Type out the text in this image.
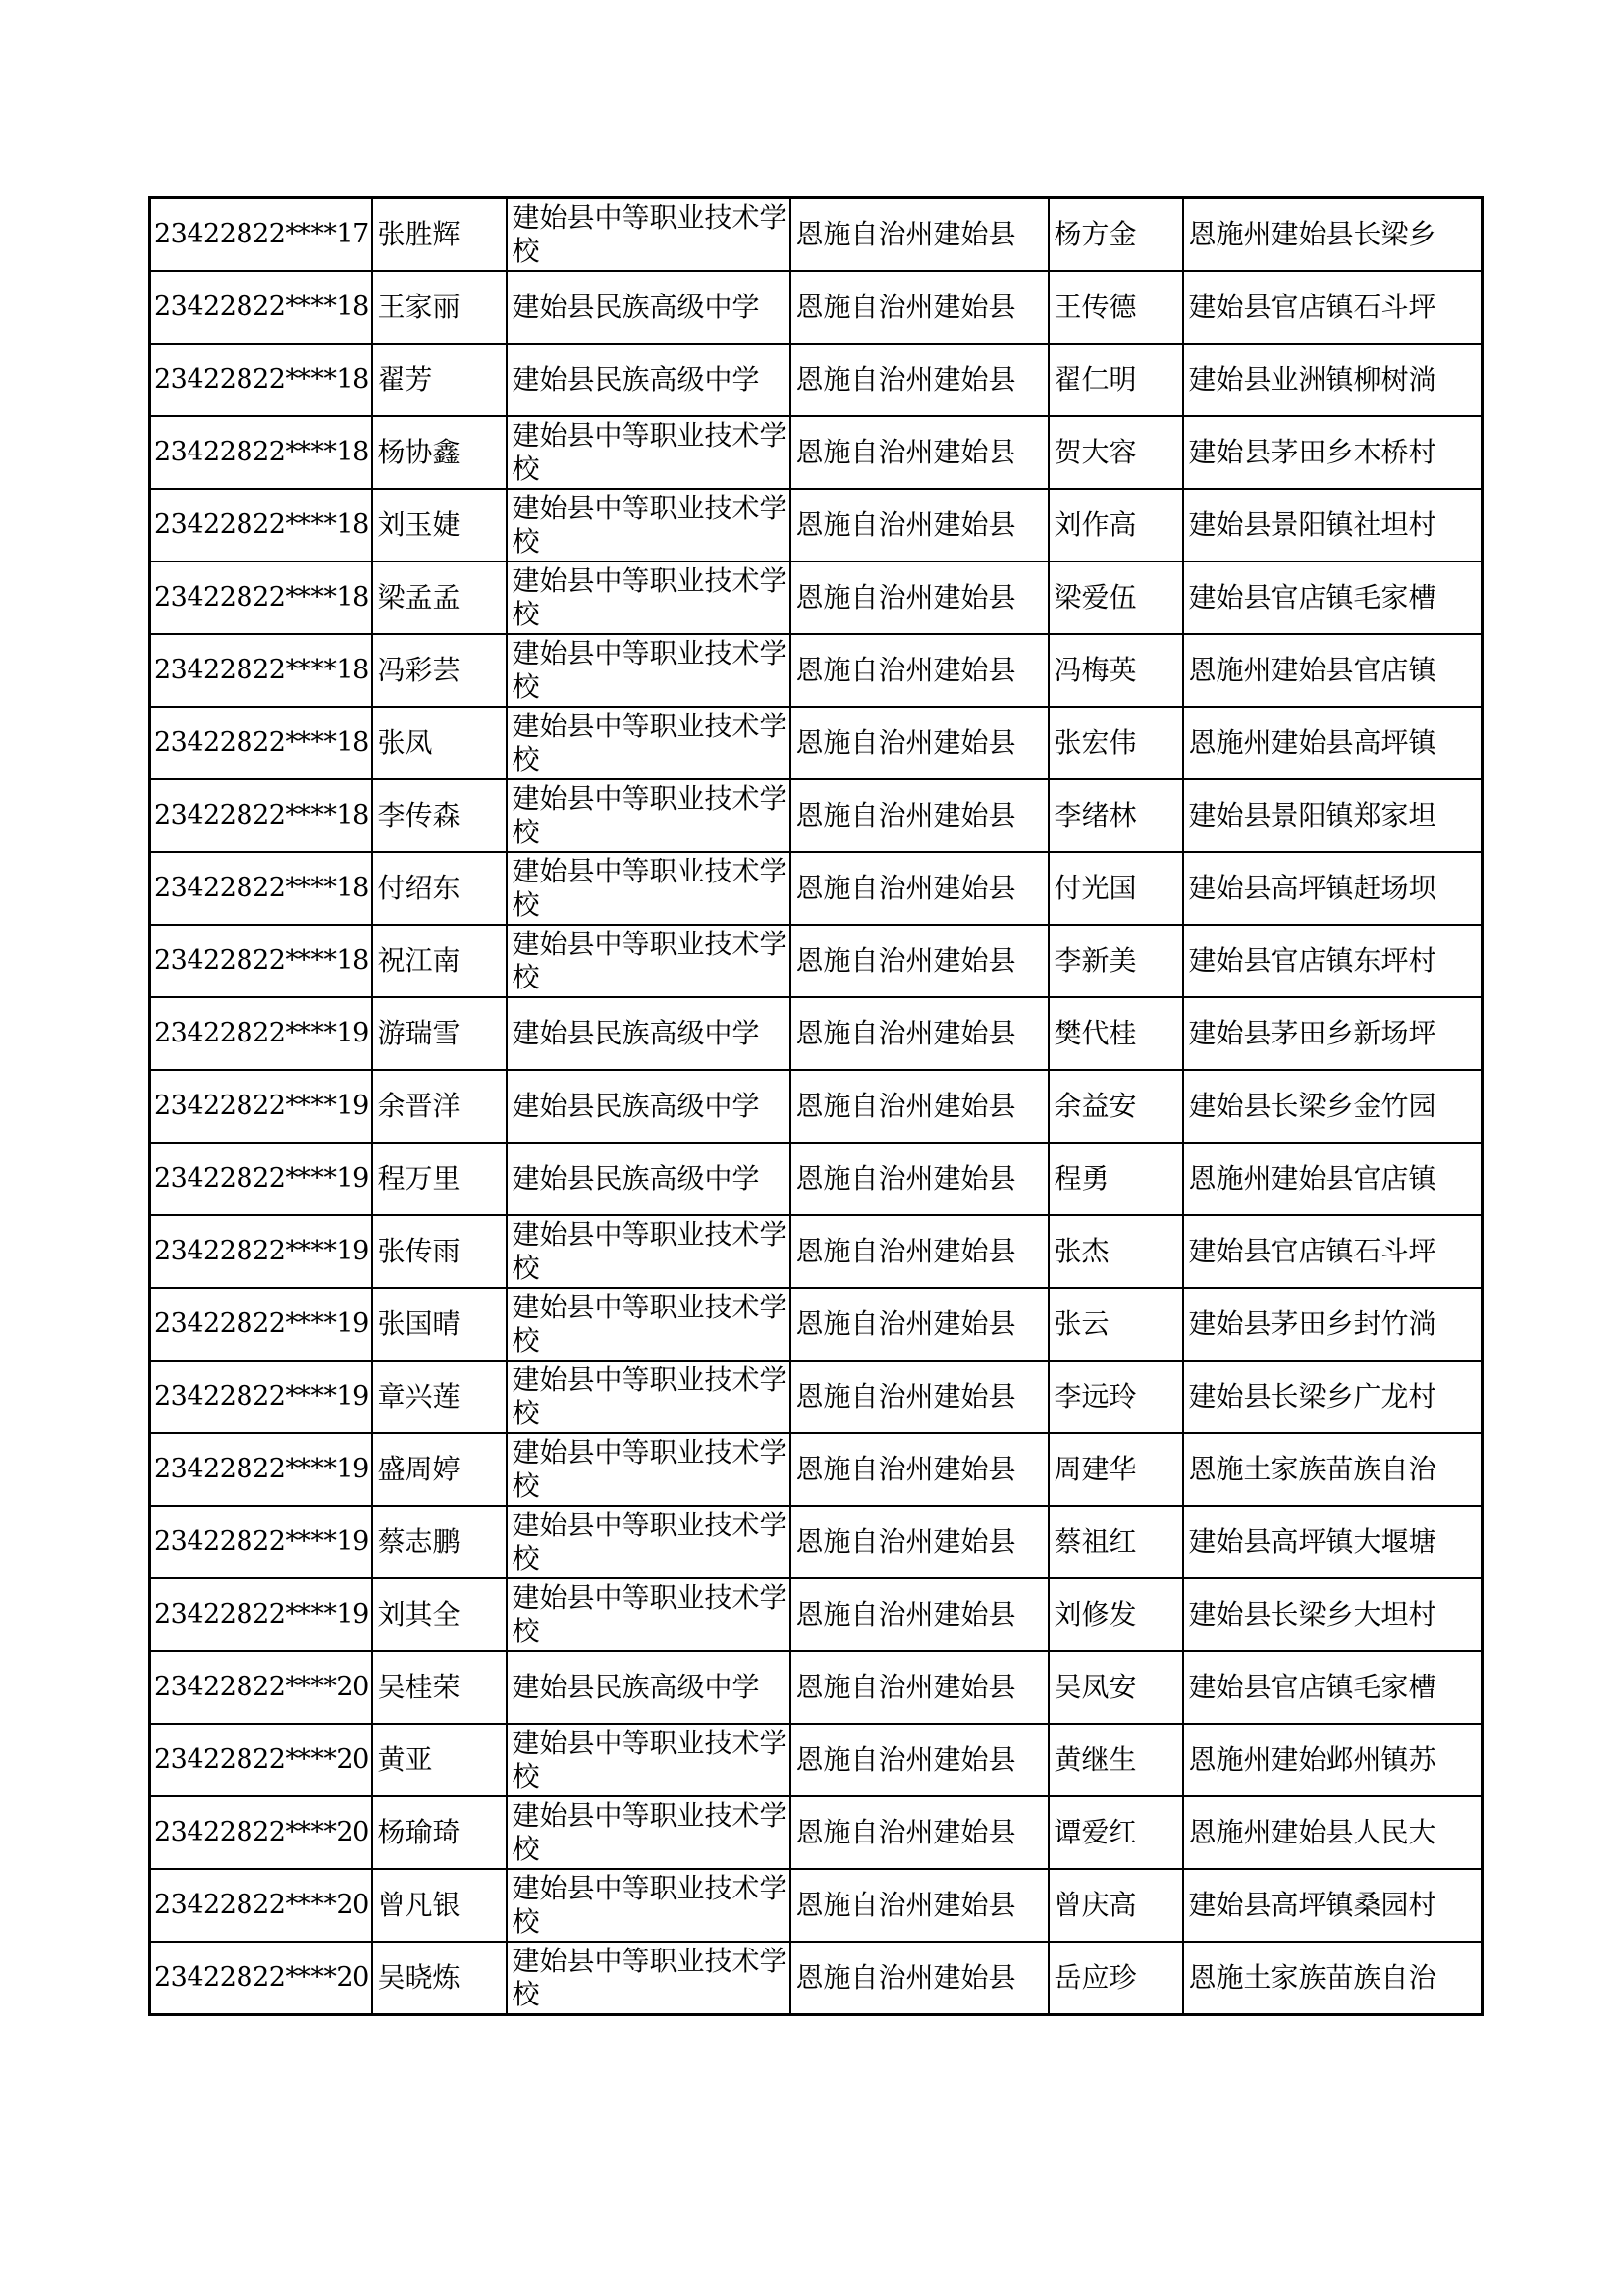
23422822****17	张胜辉	建始县中等职业技术学校	恩施自治州建始县	杨方金	恩施州建始县长梁乡
23422822****18	王家丽	建始县民族高级中学	恩施自治州建始县	王传德	建始县官店镇石斗坪
23422822****18	翟芳	建始县民族高级中学	恩施自治州建始县	翟仁明	建始县业洲镇柳树淌
23422822****18	杨协鑫	建始县中等职业技术学校	恩施自治州建始县	贺大容	建始县茅田乡木桥村
23422822****18	刘玉婕	建始县中等职业技术学校	恩施自治州建始县	刘作高	建始县景阳镇社坦村
23422822****18	梁孟孟	建始县中等职业技术学校	恩施自治州建始县	梁爱伍	建始县官店镇毛家槽
23422822****18	冯彩芸	建始县中等职业技术学校	恩施自治州建始县	冯梅英	恩施州建始县官店镇
23422822****18	张凤	建始县中等职业技术学校	恩施自治州建始县	张宏伟	恩施州建始县高坪镇
23422822****18	李传森	建始县中等职业技术学校	恩施自治州建始县	李绪林	建始县景阳镇郑家坦
23422822****18	付绍东	建始县中等职业技术学校	恩施自治州建始县	付光国	建始县高坪镇赶场坝
23422822****18	祝江南	建始县中等职业技术学校	恩施自治州建始县	李新美	建始县官店镇东坪村
23422822****19	游瑞雪	建始县民族高级中学	恩施自治州建始县	樊代桂	建始县茅田乡新场坪
23422822****19	余晋洋	建始县民族高级中学	恩施自治州建始县	余益安	建始县长梁乡金竹园
23422822****19	程万里	建始县民族高级中学	恩施自治州建始县	程勇	恩施州建始县官店镇
23422822****19	张传雨	建始县中等职业技术学校	恩施自治州建始县	张杰	建始县官店镇石斗坪
23422822****19	张国晴	建始县中等职业技术学校	恩施自治州建始县	张云	建始县茅田乡封竹淌
23422822****19	章兴莲	建始县中等职业技术学校	恩施自治州建始县	李远玲	建始县长梁乡广龙村
23422822****19	盛周婷	建始县中等职业技术学校	恩施自治州建始县	周建华	恩施土家族苗族自治
23422822****19	蔡志鹏	建始县中等职业技术学校	恩施自治州建始县	蔡祖红	建始县高坪镇大堰塘
23422822****19	刘其全	建始县中等职业技术学校	恩施自治州建始县	刘修发	建始县长梁乡大坦村
23422822****20	吴桂荣	建始县民族高级中学	恩施自治州建始县	吴凤安	建始县官店镇毛家槽
23422822****20	黄亚	建始县中等职业技术学校	恩施自治州建始县	黄继生	恩施州建始邺州镇苏
23422822****20	杨瑜琦	建始县中等职业技术学校	恩施自治州建始县	谭爱红	恩施州建始县人民大
23422822****20	曾凡银	建始县中等职业技术学校	恩施自治州建始县	曾庆高	建始县高坪镇桑园村
23422822****20	吴晓炼	建始县中等职业技术学校	恩施自治州建始县	岳应珍	恩施土家族苗族自治
